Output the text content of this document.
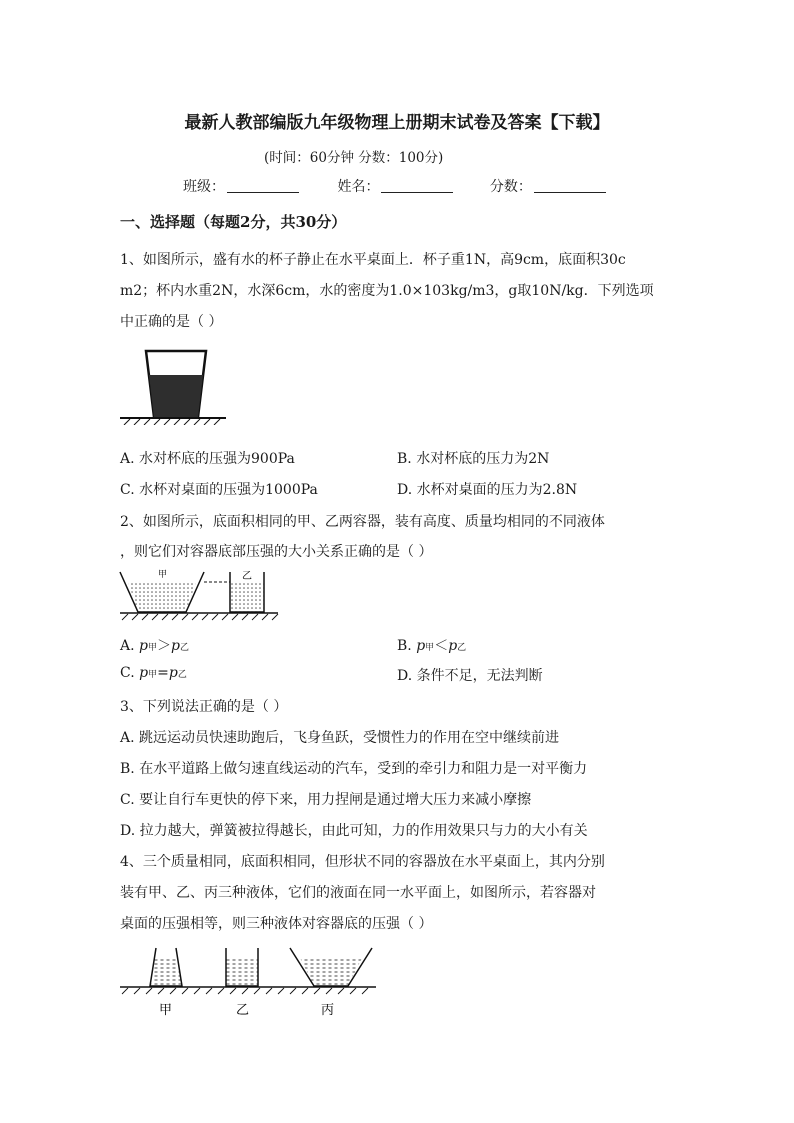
最新人教部编版九年级物理上册期末试卷及答案【下载】
(时间：60分钟 分数：100分)
班级：	姓名：	分数：
一、选择题（每题2分，共30分）
1、如图所示，盛有水的杯子静止在水平桌面上．杯子重1N，高9cm，底面积30c
m2；杯内水重2N，水深6cm，水的密度为1.0×103kg/m3，g取10N/kg．下列选项
中正确的是（ ）
A. 水对杯底的压强为900Pa	B. 水对杯底的压力为2N
C. 水杯对桌面的压强为1000Pa	D. 水杯对桌面的压力为2.8N
2、如图所示，底面积相同的甲、乙两容器，装有高度、质量均相同的不同液体
，则它们对容器底部压强的大小关系正确的是（ ）
甲	乙
A. p甲＞p乙	B. p甲＜p乙
C. p甲=p乙	D. 条件不足，无法判断
3、下列说法正确的是（ ）
A. 跳远运动员快速助跑后，飞身鱼跃，受惯性力的作用在空中继续前进
B. 在水平道路上做匀速直线运动的汽车，受到的牵引力和阻力是一对平衡力
C. 要让自行车更快的停下来，用力捏闸是通过增大压力来减小摩擦
D. 拉力越大，弹簧被拉得越长，由此可知，力的作用效果只与力的大小有关
4、三个质量相同，底面积相同，但形状不同的容器放在水平桌面上，其内分别
装有甲、乙、丙三种液体，它们的液面在同一水平面上，如图所示，若容器对
桌面的压强相等，则三种液体对容器底的压强（ ）
甲	乙	丙
